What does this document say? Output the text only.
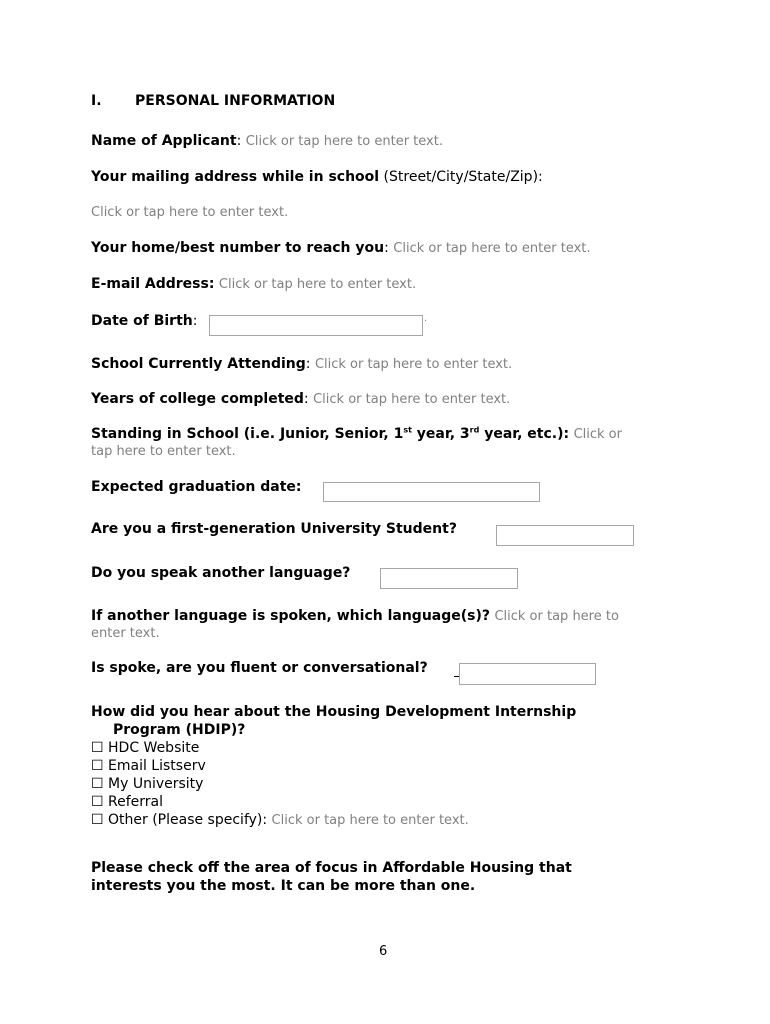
I. PERSONAL INFORMATION
Name of Applicant: Click or tap here to enter text.
Your mailing address while in school (Street/City/State/Zip):
Click or tap here to enter text.
Your home/best number to reach you: Click or tap here to enter text.
E-mail Address: Click or tap here to enter text.
Date of Birth:	.
School Currently Attending: Click or tap here to enter text.
Years of college completed: Click or tap here to enter text.
Standing in School (i.e. Junior, Senior, 1st year, 3rd year, etc.): Click or
tap here to enter text.
Expected graduation date:
Are you a first-generation University Student?
Do you speak another language?
If another language is spoken, which language(s)? Click or tap here to
enter text.
Is spoke, are you fluent or conversational?
How did you hear about the Housing Development Internship
Program (HDIP)?
☐ HDC Website
☐ Email Listserv
☐ My University
☐ Referral
☐ Other (Please specify): Click or tap here to enter text.
Please check off the area of focus in Affordable Housing that
interests you the most. It can be more than one.
6
